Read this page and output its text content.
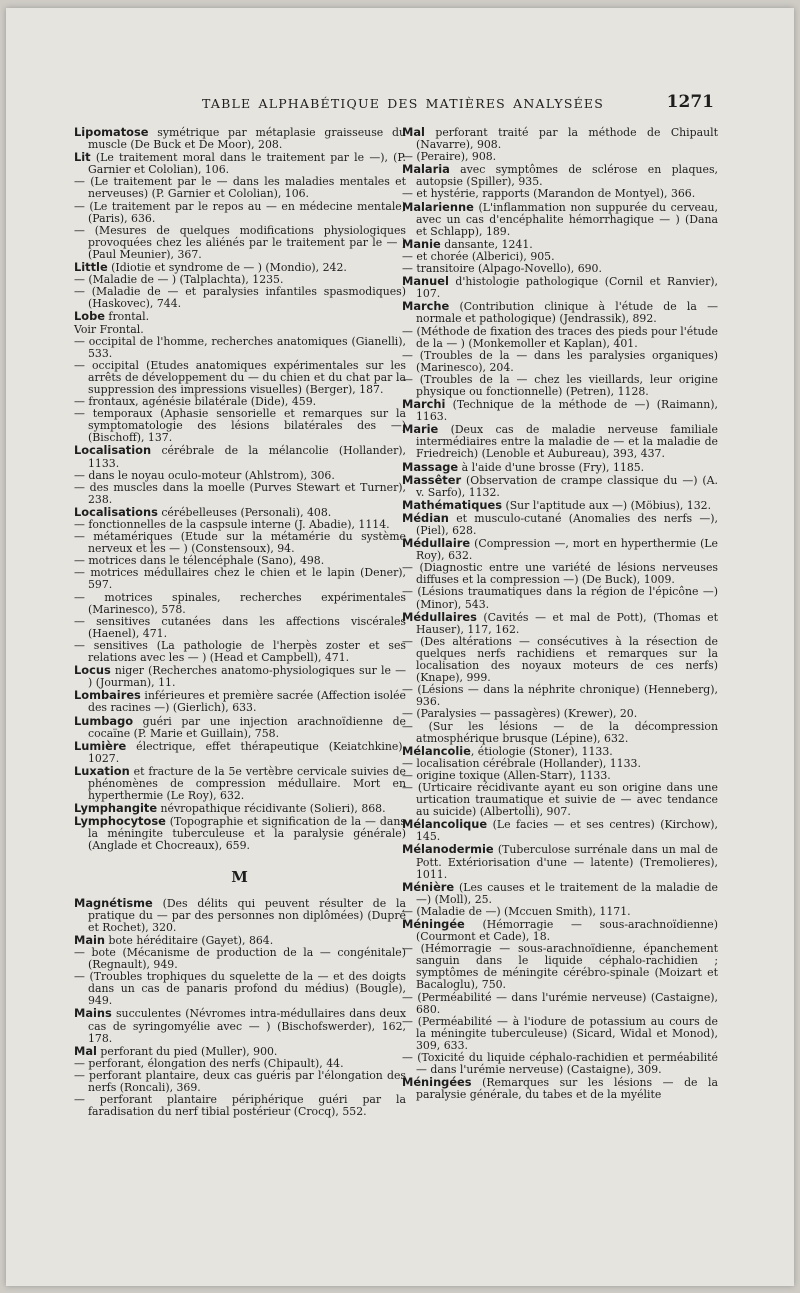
TABLE ALPHABÉTIQUE DES MATIÈRES ANALYSÉES	1271

Lipomatose symétrique par métaplasie graisseuse du muscle (De Buck et De Moor), 208.

Lit (Le traitement moral dans le traitement par le —), (P. Garnier et Cololian), 106.

— (Le traitement par le — dans les maladies mentales et nerveuses) (P. Garnier et Cololian), 106.

— (Le traitement par le repos au — en médecine mentale) (Paris), 636.

— (Mesures de quelques modifications physiologiques provoquées chez les aliénés par le traitement par le — ) (Paul Meunier), 367.

Little (Idiotie et syndrome de — ) (Mondio), 242.

— (Maladie de — ) (Talplachta), 1235.

— (Maladie de — et paralysies infantiles spasmodiques) (Haskovec), 744.

Lobe frontal.

Voir Frontal.

— occipital de l'homme, recherches anatomiques (Gianelli), 533.

— occipital (Etudes anatomiques expérimentales sur les arrêts de développement du — du chien et du chat par la suppression des impressions visuelles) (Berger), 187.

— frontaux, agénésie bilatérale (Dide), 459.

— temporaux (Aphasie sensorielle et remarques sur la symptomatologie des lésions bilatérales des —) (Bischoff), 137.

Localisation cérébrale de la mélancolie (Hollander), 1133.

— dans le noyau oculo-moteur (Ahlstrom), 306.

— des muscles dans la moelle (Purves Stewart et Turner), 238.

Localisations cérébelleuses (Personali), 408.

— fonctionnelles de la caspsule interne (J. Abadie), 1114.

— métamériques (Etude sur la métamérie du système nerveux et les — ) (Constensoux), 94.

— motrices dans le télencéphale (Sano), 498.

— motrices médullaires chez le chien et le lapin (Dener), 597.

— motrices spinales, recherches expérimentales (Marinesco), 578.

— sensitives cutanées dans les affections viscérales (Haenel), 471.

— sensitives (La pathologie de l'herpès zoster et ses relations avec les — ) (Head et Campbell), 471.

Locus niger (Recherches anatomo-physiologiques sur le — ) (Jourman), 11.

Lombaires inférieures et première sacrée (Affection isolée des racines —) (Gierlich), 633.

Lumbago guéri par une injection arachnoïdienne de cocaïne (P. Marie et Guillain), 758.

Lumière électrique, effet thérapeutique (Keiatchkine), 1027.

Luxation et fracture de la 5e vertèbre cervicale suivies de phénomènes de compression médullaire. Mort en hyperthermie (Le Roy), 632.

Lymphangite névropathique récidivante (Solieri), 868.

Lymphocytose (Topographie et signification de la — dans la méningite tuberculeuse et la paralysie générale) (Anglade et Chocreaux), 659.

M

Magnétisme (Des délits qui peuvent résulter de la pratique du — par des personnes non diplômées) (Dupré et Rochet), 320.

Main bote héréditaire (Gayet), 864.

— bote (Mécanisme de production de la — congénitale) (Regnault), 949.

— (Troubles trophiques du squelette de la — et des doigts dans un cas de panaris profond du médius) (Bougle), 949.

Mains succulentes (Névromes intra-médullaires dans deux cas de syringomyélie avec — ) (Bischofswerder), 162, 178.

Mal perforant du pied (Muller), 900.

— perforant, élongation des nerfs (Chipault), 44.

— perforant plantaire, deux cas guéris par l'élongation des nerfs (Roncali), 369.

— perforant plantaire périphérique guéri par la faradisation du nerf tibial postérieur (Crocq), 552.

Mal perforant traité par la méthode de Chipault (Navarre), 908.

— (Peraire), 908.

Malaria avec symptômes de sclérose en plaques, autopsie (Spiller), 935.

— et hystérie, rapports (Marandon de Montyel), 366.

Malarienne (L'inflammation non suppurée du cerveau, avec un cas d'encéphalite hémorrhagique — ) (Dana et Schlapp), 189.

Manie dansante, 1241.

— et chorée (Alberici), 905.

— transitoire (Alpago-Novello), 690.

Manuel d'histologie pathologique (Cornil et Ranvier), 107.

Marche (Contribution clinique à l'étude de la — normale et pathologique) (Jendrassik), 892.

— (Méthode de fixation des traces des pieds pour l'étude de la — ) (Monkemoller et Kaplan), 401.

— (Troubles de la — dans les paralysies organiques) (Marinesco), 204.

— (Troubles de la — chez les vieillards, leur origine physique ou fonctionnelle) (Petren), 1128.

Marchi (Technique de la méthode de —) (Raimann), 1163.

Marie (Deux cas de maladie nerveuse familiale intermédiaires entre la maladie de — et la maladie de Friedreich) (Lenoble et Aubureau), 393, 437.

Massage à l'aide d'une brosse (Fry), 1185.

Massêter (Observation de crampe classique du —) (A. v. Sarfo), 1132.

Mathématiques (Sur l'aptitude aux —) (Möbius), 132.

Médian et musculo-cutané (Anomalies des nerfs —), (Piel), 628.

Médullaire (Compression —, mort en hyperthermie (Le Roy), 632.

— (Diagnostic entre une variété de lésions nerveuses diffuses et la compression —) (De Buck), 1009.

— (Lésions traumatiques dans la région de l'épicône —) (Minor), 543.

Médullaires (Cavités — et mal de Pott), (Thomas et Hauser), 117, 162.

— (Des altérations — consécutives à la résection de quelques nerfs rachidiens et remarques sur la localisation des noyaux moteurs de ces nerfs) (Knape), 999.

— (Lésions — dans la néphrite chronique) (Henneberg), 936.

— (Paralysies — passagères) (Krewer), 20.

— (Sur les lésions — de la décompression atmosphérique brusque (Lépine), 632.

Mélancolie, étiologie (Stoner), 1133.

— localisation cérébrale (Hollander), 1133.

— origine toxique (Allen-Starr), 1133.

— (Urticaire récidivante ayant eu son origine dans une urtication traumatique et suivie de — avec tendance au suicide) (Albertolli), 907.

Mélancolique (Le facies — et ses centres) (Kirchow), 145.

Mélanodermie (Tuberculose surrénale dans un mal de Pott. Extériorisation d'une — latente) (Tremolieres), 1011.

Ménière (Les causes et le traitement de la maladie de —) (Moll), 25.

— (Maladie de —) (Mccuen Smith), 1171.

Méningée (Hémorragie — sous-arachnoïdienne) (Courmont et Cade), 18.

— (Hémorragie — sous-arachnoïdienne, épanchement sanguin dans le liquide céphalo-rachidien ; symptômes de méningite cérébro-spinale (Moizart et Bacaloglu), 750.

— (Perméabilité — dans l'urémie nerveuse) (Castaigne), 680.

— (Perméabilité — à l'iodure de potassium au cours de la méningite tuberculeuse) (Sicard, Widal et Monod), 309, 633.

— (Toxicité du liquide céphalo-rachidien et perméabilité — dans l'urémie nerveuse) (Castaigne), 309.

Méningées (Remarques sur les lésions — de la paralysie générale, du tabes et de la myélite
